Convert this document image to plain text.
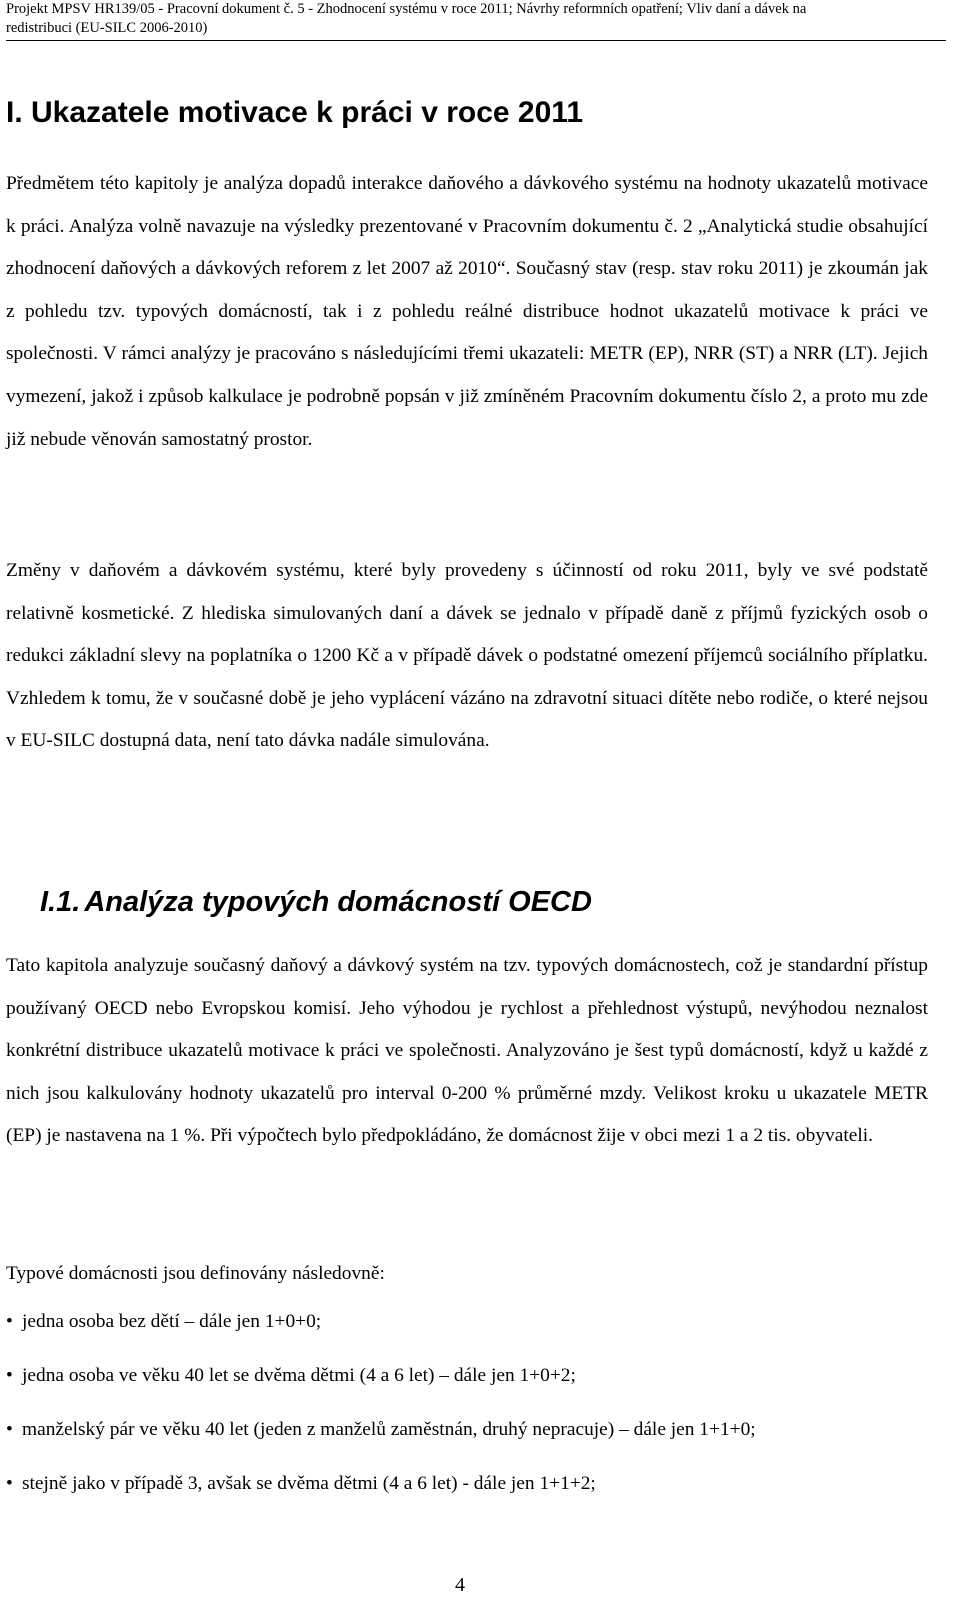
Projekt MPSV HR139/05 - Pracovní dokument č. 5 - Zhodnocení systému v roce 2011; Návrhy reformních opatření; Vliv daní a dávek na
redistribuci (EU-SILC 2006-2010)
I. Ukazatele motivace k práci v roce 2011

Předmětem této kapitoly je analýza dopadů interakce daňového a dávkového systému na hodnoty ukazatelů motivace k práci. Analýza volně navazuje na výsledky prezentované v Pracovním dokumentu č. 2 „Analytická studie obsahující zhodnocení daňových a dávkových reforem z let 2007 až 2010“. Současný stav (resp. stav roku 2011) je zkoumán jak z pohledu tzv. typových domácností, tak i z pohledu reálné distribuce hodnot ukazatelů motivace k práci ve společnosti. V rámci analýzy je pracováno s následujícími třemi ukazateli: METR (EP), NRR (ST) a NRR (LT). Jejich vymezení, jakož i způsob kalkulace je podrobně popsán v již zmíněném Pracovním dokumentu číslo 2, a proto mu zde již nebude věnován samostatný prostor.

Změny v daňovém a dávkovém systému, které byly provedeny s účinností od roku 2011, byly ve své podstatě relativně kosmetické. Z hlediska simulovaných daní a dávek se jednalo v případě daně z příjmů fyzických osob o redukci základní slevy na poplatníka o 1200 Kč a v případě dávek o podstatné omezení příjemců sociálního příplatku. Vzhledem k tomu, že v současné době je jeho vyplácení vázáno na zdravotní situaci dítěte nebo rodiče, o které nejsou v EU-SILC dostupná data, není tato dávka nadále simulována.

I.1. Analýza typových domácností OECD

Tato kapitola analyzuje současný daňový a dávkový systém na tzv. typových domácnostech, což je standardní přístup používaný OECD nebo Evropskou komisí. Jeho výhodou je rychlost a přehlednost výstupů, nevýhodou neznalost konkrétní distribuce ukazatelů motivace k práci ve společnosti. Analyzováno je šest typů domácností, když u každé z nich jsou kalkulovány hodnoty ukazatelů pro interval 0-200 % průměrné mzdy. Velikost kroku u ukazatele METR (EP) je nastavena na 1 %. Při výpočtech bylo předpokládáno, že domácnost žije v obci mezi 1 a 2 tis. obyvateli.

Typové domácnosti jsou definovány následovně:

• jedna osoba bez dětí – dále jen 1+0+0;
• jedna osoba ve věku 40 let se dvěma dětmi (4 a 6 let) – dále jen 1+0+2;
• manželský pár ve věku 40 let (jeden z manželů zaměstnán, druhý nepracuje) – dále jen 1+1+0;
• stejně jako v případě 3, avšak se dvěma dětmi (4 a 6 let) - dále jen 1+1+2;
4
